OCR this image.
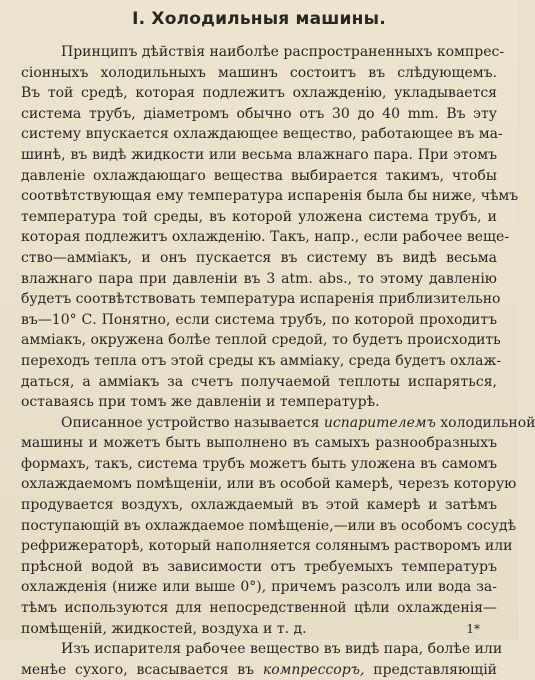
I. Холодильныя машины.
Принципъ дѣйствія наиболѣе распространенныхъ компрес-
сіонныхъ холодильныхъ машинъ состоитъ въ слѣдующемъ.
Въ той средѣ, которая подлежитъ охлажденію, укладывается
система трубъ, діаметромъ обычно отъ 30 до 40 mm. Въ эту
систему впускается охлаждающее вещество, работающее въ ма-
шинѣ, въ видѣ жидкости или весьма влажнаго пара. При этомъ
давленіе охлаждающаго вещества выбирается такимъ, чтобы
соотвѣтствующая ему температура испаренія была бы ниже, чѣмъ
температура той среды, въ которой уложена система трубъ, и
которая подлежитъ охлажденію. Такъ, напр., если рабочее веще-
ство—амміакъ, и онъ пускается въ систему въ видѣ весьма
влажнаго пара при давленіи въ 3 atm. abs., то этому давленію
будетъ соотвѣтствовать температура испаренія приблизительно
въ—10° С. Понятно, если система трубъ, по которой проходитъ
амміакъ, окружена болѣе теплой средой, то будетъ происходить
переходъ тепла отъ этой среды къ амміаку, среда будетъ охлаж-
даться, а амміакъ за счетъ получаемой теплоты испаряться,
оставаясь при томъ же давленіи и температурѣ.
Описанное устройство называется испарителемъ холодильной
машины и можетъ быть выполнено въ самыхъ разнообразныхъ
формахъ, такъ, система трубъ можетъ быть уложена въ самомъ
охлаждаемомъ помѣщеніи, или въ особой камерѣ, черезъ которую
продувается воздухъ, охлаждаемый въ этой камерѣ и затѣмъ
поступающій въ охлаждаемое помѣщеніе,—или въ особомъ сосудѣ
рефрижераторѣ, который наполняется солянымъ растворомъ или
прѣсной водой въ зависимости отъ требуемыхъ температуръ
охлажденія (ниже или выше 0°), причемъ разсолъ или вода за-
тѣмъ используются для непосредственной цѣли охлажденія—
помѣщеній, жидкостей, воздуха и т. д.
Изъ испарителя рабочее вещество въ видѣ пара, болѣе или
менѣе сухого, всасывается въ компрессоръ, представляющій
1*
